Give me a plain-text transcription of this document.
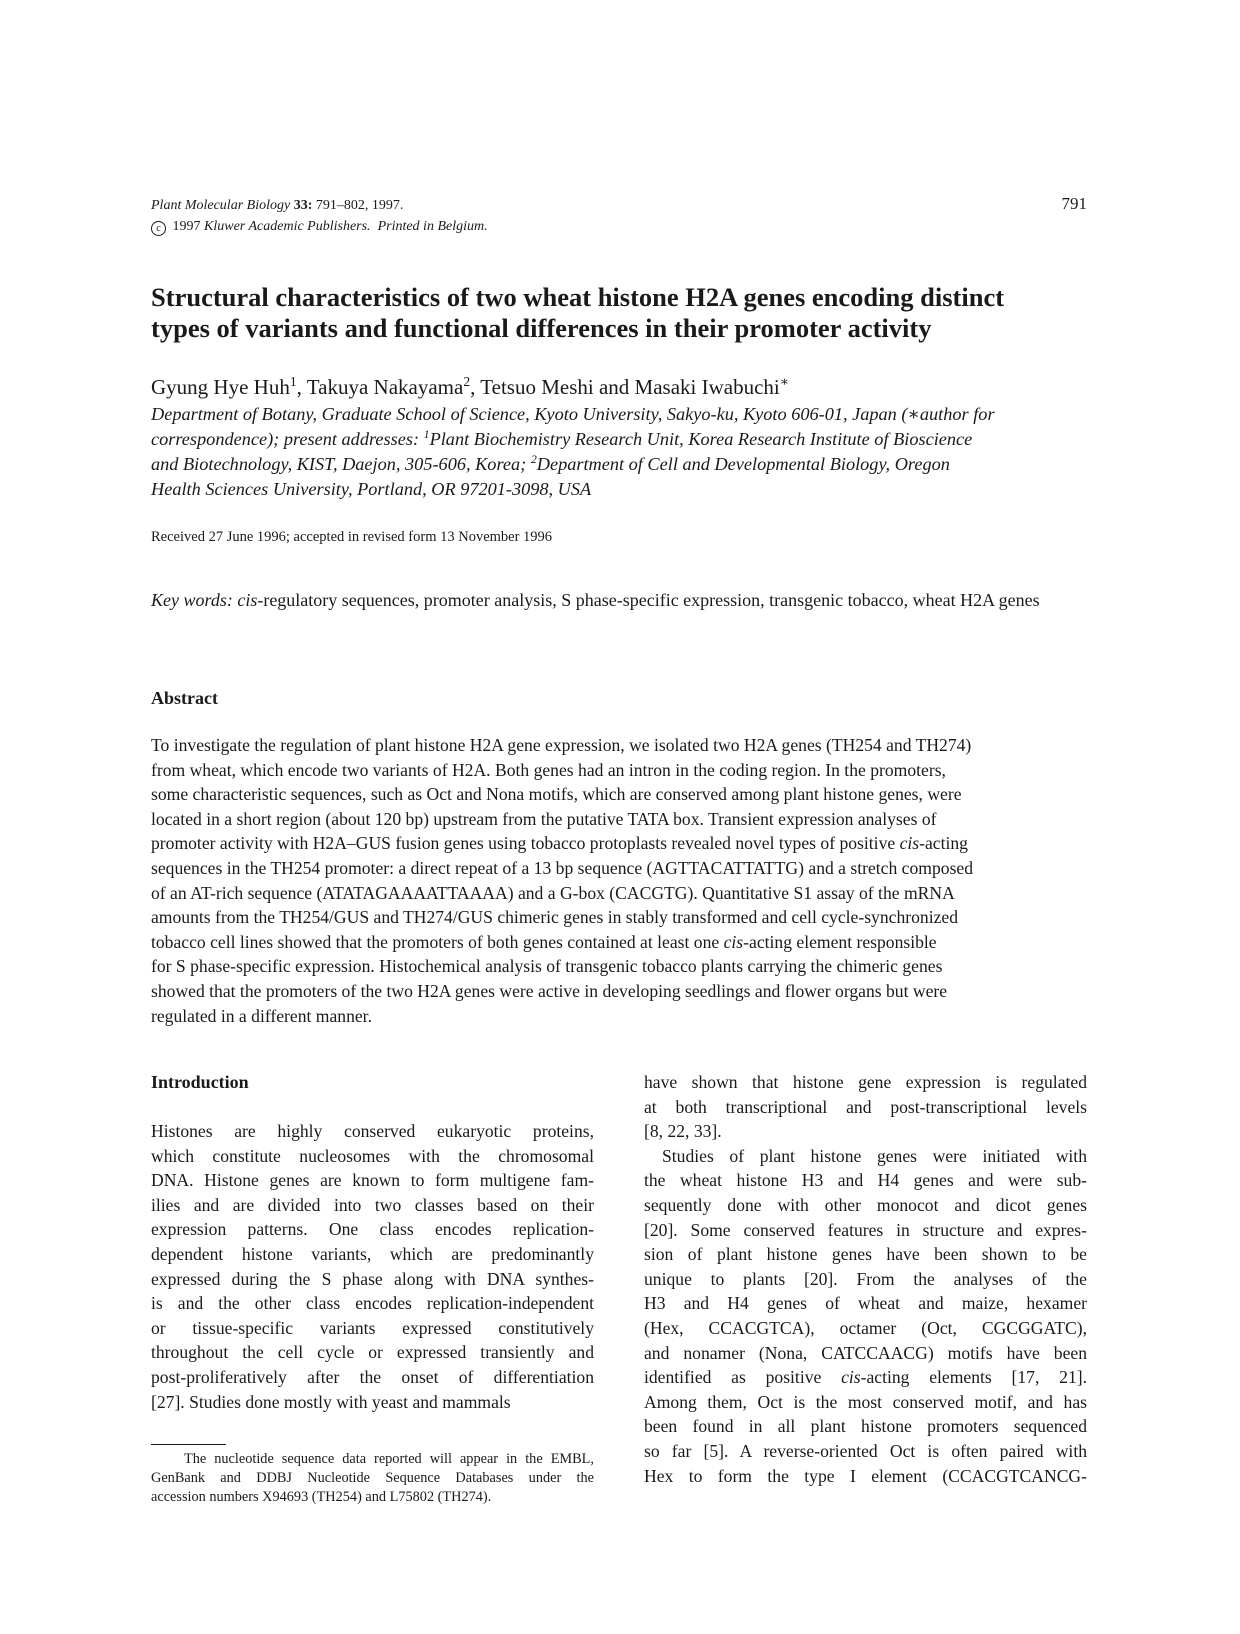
Plant Molecular Biology 33: 791–802, 1997.
c 1997 Kluwer Academic Publishers. Printed in Belgium.
791
Structural characteristics of two wheat histone H2A genes encoding distinct
types of variants and functional differences in their promoter activity
Gyung Hye Huh$^1$, Takuya Nakayama$^2$, Tetsuo Meshi and Masaki Iwabuchi∗
Department of Botany, Graduate School of Science, Kyoto University, Sakyo-ku, Kyoto 606-01, Japan (∗author for
correspondence); present addresses: $^1$Plant Biochemistry Research Unit, Korea Research Institute of Bioscience
and Biotechnology, KIST, Daejon, 305-606, Korea; $^2$Department of Cell and Developmental Biology, Oregon
Health Sciences University, Portland, OR 97201-3098, USA
Received 27 June 1996; accepted in revised form 13 November 1996
Key words: cis-regulatory sequences, promoter analysis, S phase-specific expression, transgenic tobacco, wheat H2A genes
Abstract
To investigate the regulation of plant histone H2A gene expression, we isolated two H2A genes (TH254 and TH274)
from wheat, which encode two variants of H2A. Both genes had an intron in the coding region. In the promoters,
some characteristic sequences, such as Oct and Nona motifs, which are conserved among plant histone genes, were
located in a short region (about 120 bp) upstream from the putative TATA box. Transient expression analyses of
promoter activity with H2A–GUS fusion genes using tobacco protoplasts revealed novel types of positive cis-acting
sequences in the TH254 promoter: a direct repeat of a 13 bp sequence (AGTTACATTATTG) and a stretch composed
of an AT-rich sequence (ATATAGAAAATTAAAA) and a G-box (CACGTG). Quantitative S1 assay of the mRNA
amounts from the TH254/GUS and TH274/GUS chimeric genes in stably transformed and cell cycle-synchronized
tobacco cell lines showed that the promoters of both genes contained at least one cis-acting element responsible
for S phase-specific expression. Histochemical analysis of transgenic tobacco plants carrying the chimeric genes
showed that the promoters of the two H2A genes were active in developing seedlings and flower organs but were
regulated in a different manner.
Introduction
Histones are highly conserved eukaryotic proteins,
which constitute nucleosomes with the chromosomal
DNA. Histone genes are known to form multigene fam-
ilies and are divided into two classes based on their
expression patterns. One class encodes replication-
dependent histone variants, which are predominantly
expressed during the S phase along with DNA synthes-
is and the other class encodes replication-independent
or tissue-specific variants expressed constitutively
throughout the cell cycle or expressed transiently and
post-proliferatively after the onset of differentiation
[27]. Studies done mostly with yeast and mammals
have shown that histone gene expression is regulated
at both transcriptional and post-transcriptional levels
[8, 22, 33].
Studies of plant histone genes were initiated with
the wheat histone H3 and H4 genes and were sub-
sequently done with other monocot and dicot genes
[20]. Some conserved features in structure and expres-
sion of plant histone genes have been shown to be
unique to plants [20]. From the analyses of the
H3 and H4 genes of wheat and maize, hexamer
(Hex, CCACGTCA), octamer (Oct, CGCGGATC),
and nonamer (Nona, CATCCAACG) motifs have been
identified as positive cis-acting elements [17, 21].
Among them, Oct is the most conserved motif, and has
been found in all plant histone promoters sequenced
so far [5]. A reverse-oriented Oct is often paired with
Hex to form the type I element (CCACGTCANCG-
The nucleotide sequence data reported will appear in the EMBL,
GenBank and DDBJ Nucleotide Sequence Databases under the
accession numbers X94693 (TH254) and L75802 (TH274).
